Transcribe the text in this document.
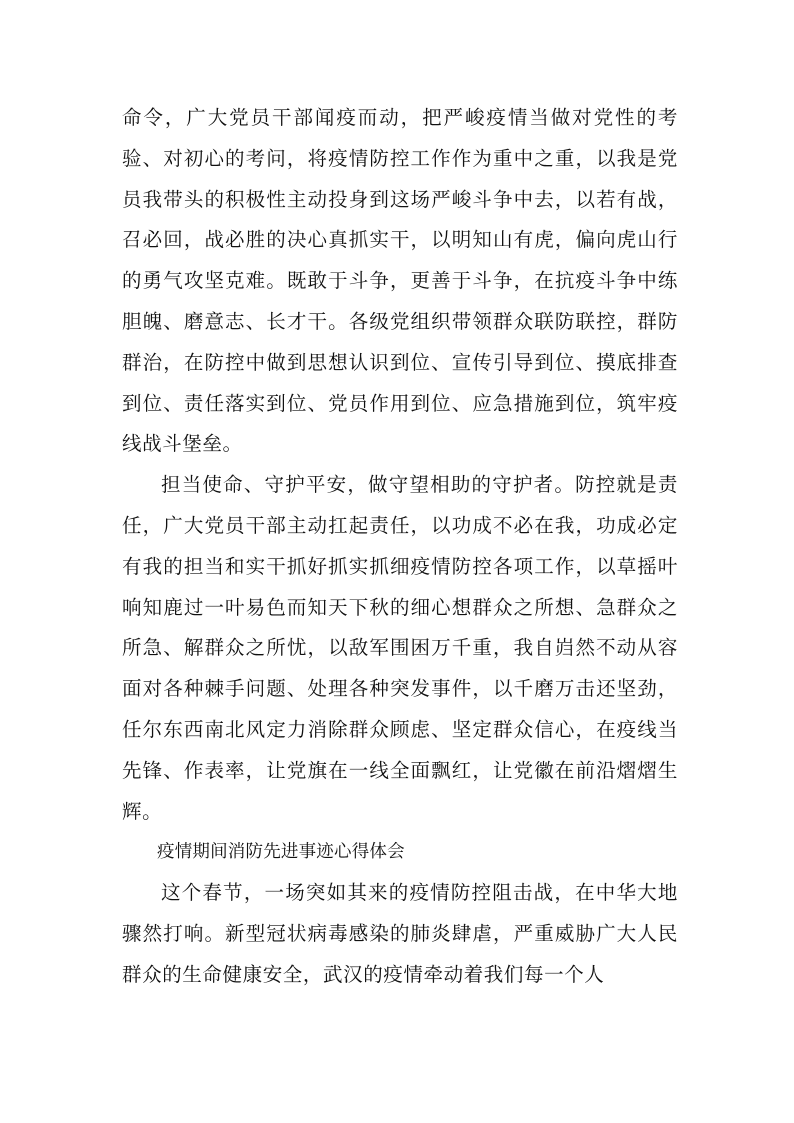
命令，广大党员干部闻疫而动，把严峻疫情当做对党性的考验、对初心的考问，将疫情防控工作作为重中之重，以我是党员我带头的积极性主动投身到这场严峻斗争中去，以若有战，召必回，战必胜的决心真抓实干，以明知山有虎，偏向虎山行的勇气攻坚克难。既敢于斗争，更善于斗争，在抗疫斗争中练胆魄、磨意志、长才干。各级党组织带领群众联防联控，群防群治，在防控中做到思想认识到位、宣传引导到位、摸底排查到位、责任落实到位、党员作用到位、应急措施到位，筑牢疫线战斗堡垒。

担当使命、守护平安，做守望相助的守护者。防控就是责任，广大党员干部主动扛起责任，以功成不必在我，功成必定有我的担当和实干抓好抓实抓细疫情防控各项工作，以草摇叶响知鹿过一叶易色而知天下秋的细心想群众之所想、急群众之所急、解群众之所忧，以敌军围困万千重，我自岿然不动从容面对各种棘手问题、处理各种突发事件，以千磨万击还坚劲，任尔东西南北风定力消除群众顾虑、坚定群众信心，在疫线当先锋、作表率，让党旗在一线全面飘红，让党徽在前沿熠熠生辉。

疫情期间消防先进事迹心得体会

这个春节，一场突如其来的疫情防控阻击战，在中华大地骤然打响。新型冠状病毒感染的肺炎肆虐，严重威胁广大人民群众的生命健康安全，武汉的疫情牵动着我们每一个人
